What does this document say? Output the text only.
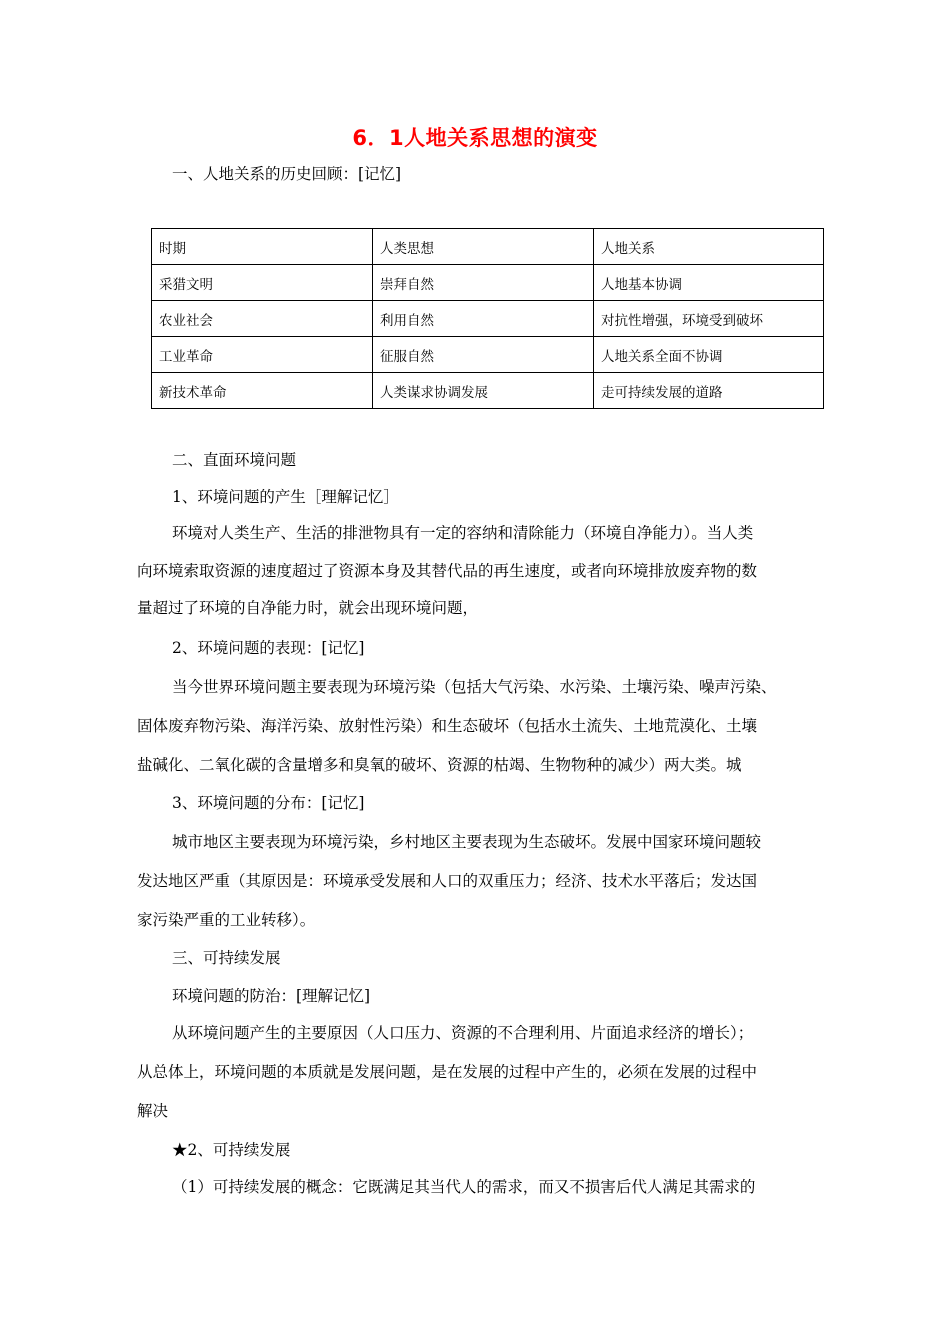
6．1人地关系思想的演变
一、人地关系的历史回顾：[记忆]
时期	人类思想	人地关系
采猎文明	崇拜自然	人地基本协调
农业社会	利用自然	对抗性增强，环境受到破坏
工业革命	征服自然	人地关系全面不协调
新技术革命	人类谋求协调发展	走可持续发展的道路
二、直面环境问题
1、环境问题的产生［理解记忆］
环境对人类生产、生活的排泄物具有一定的容纳和清除能力（环境自净能力）。当人类
向环境索取资源的速度超过了资源本身及其替代品的再生速度，或者向环境排放废弃物的数
量超过了环境的自净能力时，就会出现环境问题，
2、环境问题的表现：[记忆]
当今世界环境问题主要表现为环境污染（包括大气污染、水污染、土壤污染、噪声污染、
固体废弃物污染、海洋污染、放射性污染）和生态破坏（包括水土流失、土地荒漠化、土壤
盐碱化、二氧化碳的含量增多和臭氧的破坏、资源的枯竭、生物物种的减少）两大类。城
3、环境问题的分布：[记忆]
城市地区主要表现为环境污染，乡村地区主要表现为生态破坏。发展中国家环境问题较
发达地区严重（其原因是：环境承受发展和人口的双重压力；经济、技术水平落后；发达国
家污染严重的工业转移）。
三、可持续发展
环境问题的防治：[理解记忆]
从环境问题产生的主要原因（人口压力、资源的不合理利用、片面追求经济的增长）；
从总体上，环境问题的本质就是发展问题，是在发展的过程中产生的，必须在发展的过程中
解决
★2、可持续发展
（1）可持续发展的概念：它既满足其当代人的需求，而又不损害后代人满足其需求的
